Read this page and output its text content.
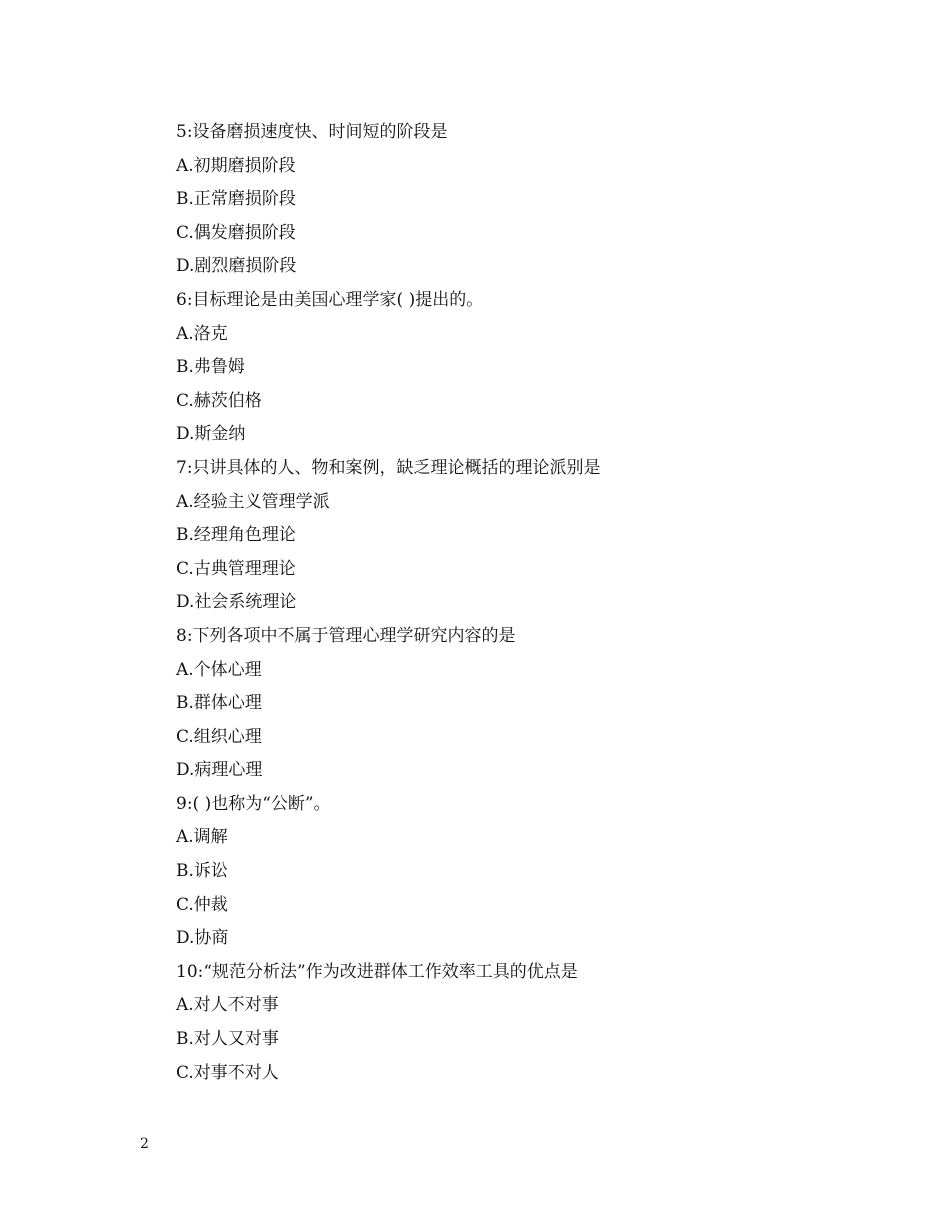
5:设备磨损速度快、时间短的阶段是
A.初期磨损阶段
B.正常磨损阶段
C.偶发磨损阶段
D.剧烈磨损阶段
6:目标理论是由美国心理学家( )提出的。
A.洛克
B.弗鲁姆
C.赫茨伯格
D.斯金纳
7:只讲具体的人、物和案例，缺乏理论概括的理论派别是
A.经验主义管理学派
B.经理角色理论
C.古典管理理论
D.社会系统理论
8:下列各项中不属于管理心理学研究内容的是
A.个体心理
B.群体心理
C.组织心理
D.病理心理
9:( )也称为“公断”。
A.调解
B.诉讼
C.仲裁
D.协商
10:“规范分析法”作为改进群体工作效率工具的优点是
A.对人不对事
B.对人又对事
C.对事不对人
2
